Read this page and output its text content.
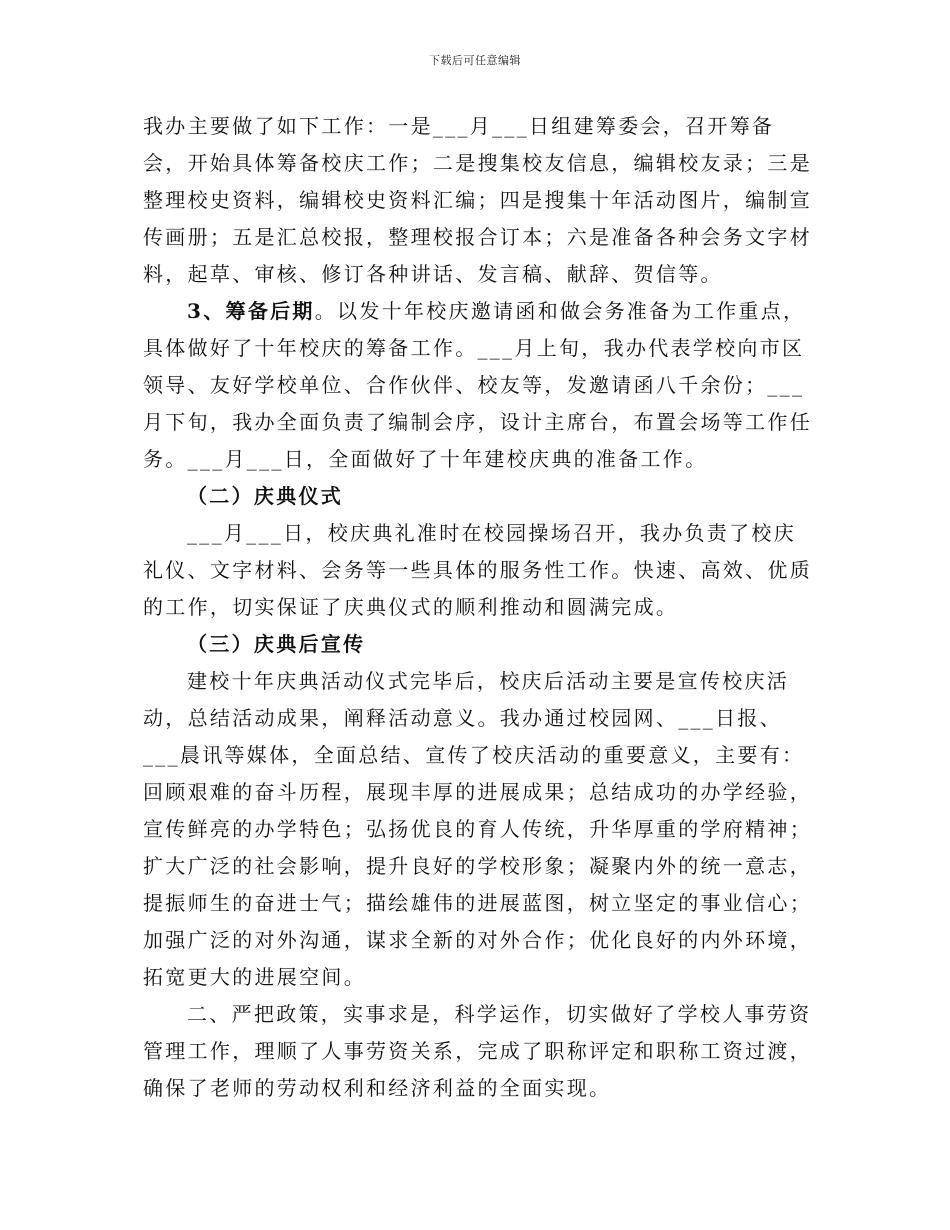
下载后可任意编辑

我办主要做了如下工作：一是___月___日组建筹委会，召开筹备会，开始具体筹备校庆工作；二是搜集校友信息，编辑校友录；三是整理校史资料，编辑校史资料汇编；四是搜集十年活动图片，编制宣传画册；五是汇总校报，整理校报合订本；六是准备各种会务文字材料，起草、审核、修订各种讲话、发言稿、献辞、贺信等。

3、筹备后期。以发十年校庆邀请函和做会务准备为工作重点，具体做好了十年校庆的筹备工作。___月上旬，我办代表学校向市区领导、友好学校单位、合作伙伴、校友等，发邀请函八千余份；___月下旬，我办全面负责了编制会序，设计主席台，布置会场等工作任务。___月___日，全面做好了十年建校庆典的准备工作。

（二）庆典仪式

___月___日，校庆典礼准时在校园操场召开，我办负责了校庆礼仪、文字材料、会务等一些具体的服务性工作。快速、高效、优质的工作，切实保证了庆典仪式的顺利推动和圆满完成。

（三）庆典后宣传

建校十年庆典活动仪式完毕后，校庆后活动主要是宣传校庆活动，总结活动成果，阐释活动意义。我办通过校园网、___日报、___晨讯等媒体，全面总结、宣传了校庆活动的重要意义，主要有：回顾艰难的奋斗历程，展现丰厚的进展成果；总结成功的办学经验，宣传鲜亮的办学特色；弘扬优良的育人传统，升华厚重的学府精神；扩大广泛的社会影响，提升良好的学校形象；凝聚内外的统一意志，提振师生的奋进士气；描绘雄伟的进展蓝图，树立坚定的事业信心；加强广泛的对外沟通，谋求全新的对外合作；优化良好的内外环境，拓宽更大的进展空间。

二、严把政策，实事求是，科学运作，切实做好了学校人事劳资管理工作，理顺了人事劳资关系，完成了职称评定和职称工资过渡，确保了老师的劳动权利和经济利益的全面实现。
